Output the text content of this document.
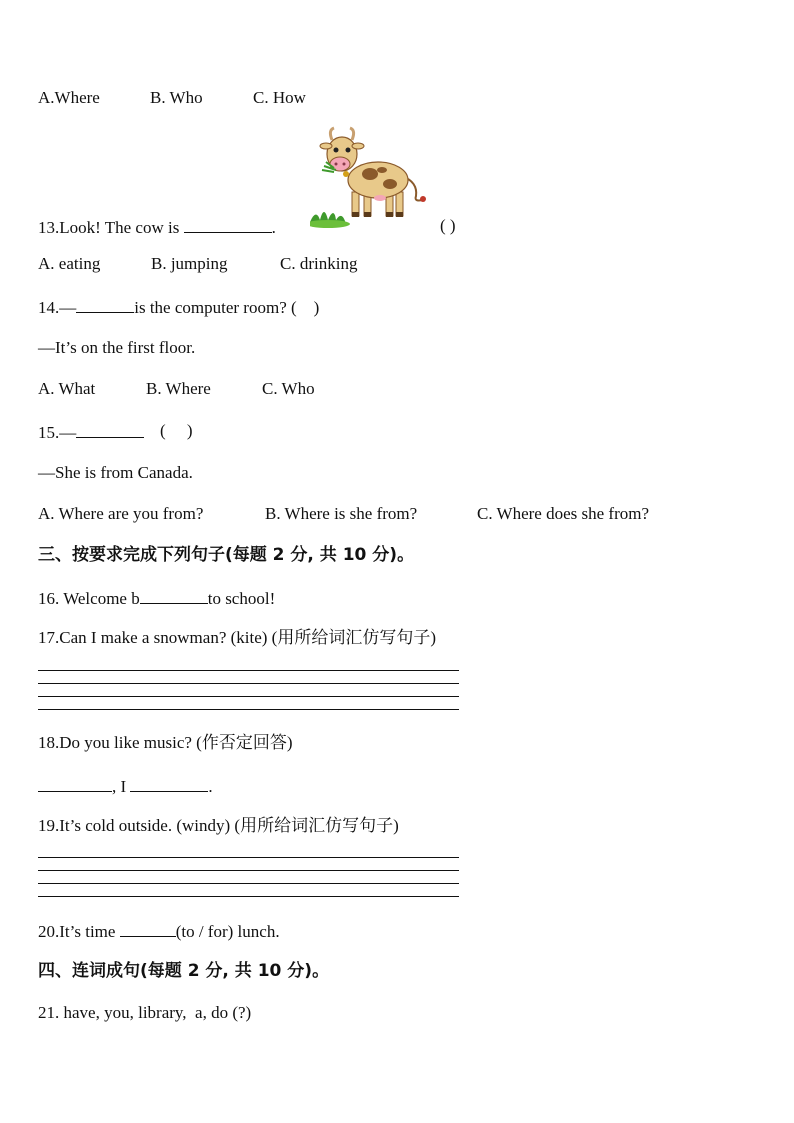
A.Where	B. Who	C. How
13.Look! The cow is	.	( )
A. eating	B. jumping	C. drinking
14.—	is the computer room? (    )
—It’s on the first floor.
A. What	B. Where	C. Who
15.—	(     )
—She is from Canada.
A. Where are you from?	B. Where is she from?	C. Where does she from?
三、按要求完成下列句子(每题 2 分, 共 10 分)。
16. Welcome b	to school!
17.Can I make a snowman? (kite) (用所给词汇仿写句子)
18.Do you like music? (作否定回答)
, I	.
19.It’s cold outside. (windy) (用所给词汇仿写句子)
20.It’s time	(to / for) lunch.
四、连词成句(每题 2 分, 共 10 分)。
21. have, you, library,  a, do (?)
